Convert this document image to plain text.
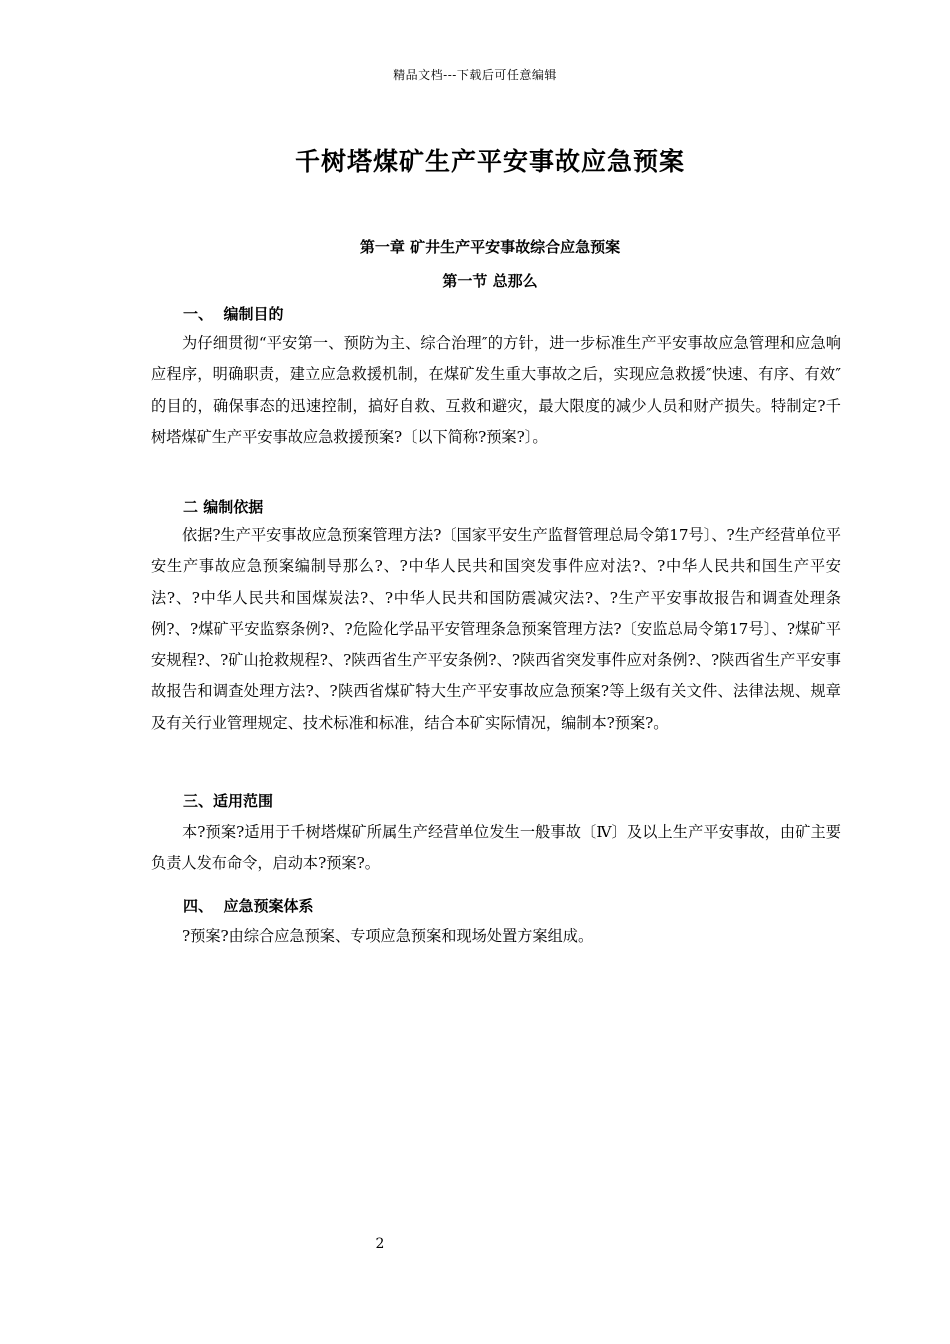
精品文档---下载后可任意编辑
千树塔煤矿生产平安事故应急预案
第一章 矿井生产平安事故综合应急预案
第一节 总那么
一、  编制目的
为仔细贯彻“平安第一、预防为主、综合治理″的方针，进一步标准生产平安事故应急管理和应急响应程序，明确职责，建立应急救援机制，在煤矿发生重大事故之后，实现应急救援″快速、有序、有效″的目的，确保事态的迅速控制，搞好自救、互救和避灾，最大限度的减少人员和财产损失。特制定?千树塔煤矿生产平安事故应急救援预案?〔以下简称?预案?〕。
二 编制依据
依据?生产平安事故应急预案管理方法?〔国家平安生产监督管理总局令第17号〕、?生产经营单位平安生产事故应急预案编制导那么?、?中华人民共和国突发事件应对法?、?中华人民共和国生产平安法?、?中华人民共和国煤炭法?、?中华人民共和国防震减灾法?、?生产平安事故报告和调查处理条例?、?煤矿平安监察条例?、?危险化学品平安管理条急预案管理方法?〔安监总局令第17号〕、?煤矿平安规程?、?矿山抢救规程?、?陕西省生产平安条例?、?陕西省突发事件应对条例?、?陕西省生产平安事故报告和调查处理方法?、?陕西省煤矿特大生产平安事故应急预案?等上级有关文件、法律法规、规章及有关行业管理规定、技术标准和标准，结合本矿实际情况，编制本?预案?。
三、适用范围
本?预案?适用于千树塔煤矿所属生产经营单位发生一般事故〔Ⅳ〕及以上生产平安事故，由矿主要负责人发布命令，启动本?预案?。
四、  应急预案体系
?预案?由综合应急预案、专项应急预案和现场处置方案组成。
2
